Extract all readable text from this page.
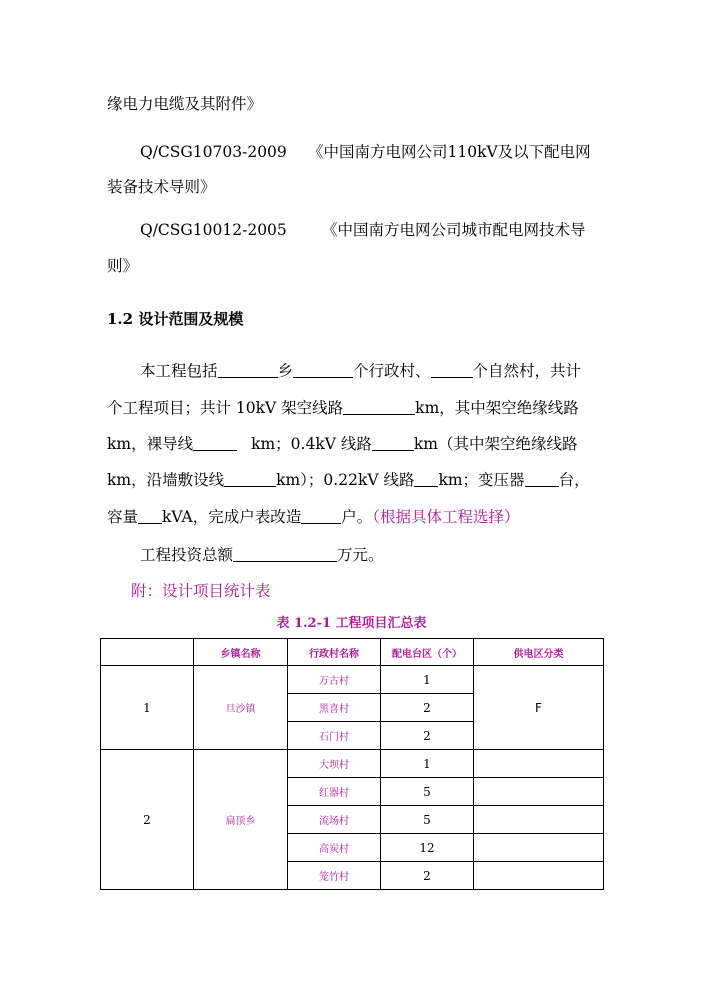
缘电力电缆及其附件》
Q/CSG10703-2009 《中国南方电网公司110kV及以下配电网
装备技术导则》
Q/CSG10012-2005 《中国南方电网公司城市配电网技术导
则》
1.2 设计范围及规模
本工程包括	乡	个行政村、	个自然村，共计
个工程项目；共计 10kV 架空线路	km，其中架空绝缘线路
km，裸导线	km；0.4kV 线路	km（其中架空绝缘线路
km，沿墙敷设线	km）；0.22kV 线路 km；变压器 台，
容量 kVA，完成户表改造	户。（根据具体工程选择）
工程投资总额	万元。
附：设计项目统计表
表 1.2-1 工程项目汇总表
	乡镇名称	行政村名称	配电台区（个）	供电区分类
1	旦沙镇	万古村	1	F
		黑喜村	2	
		石门村	2	
2	扁顶乡	大坝村	1	
		红器村	5	
		流场村	5	
		高炭村	12	
		笼竹村	2	
